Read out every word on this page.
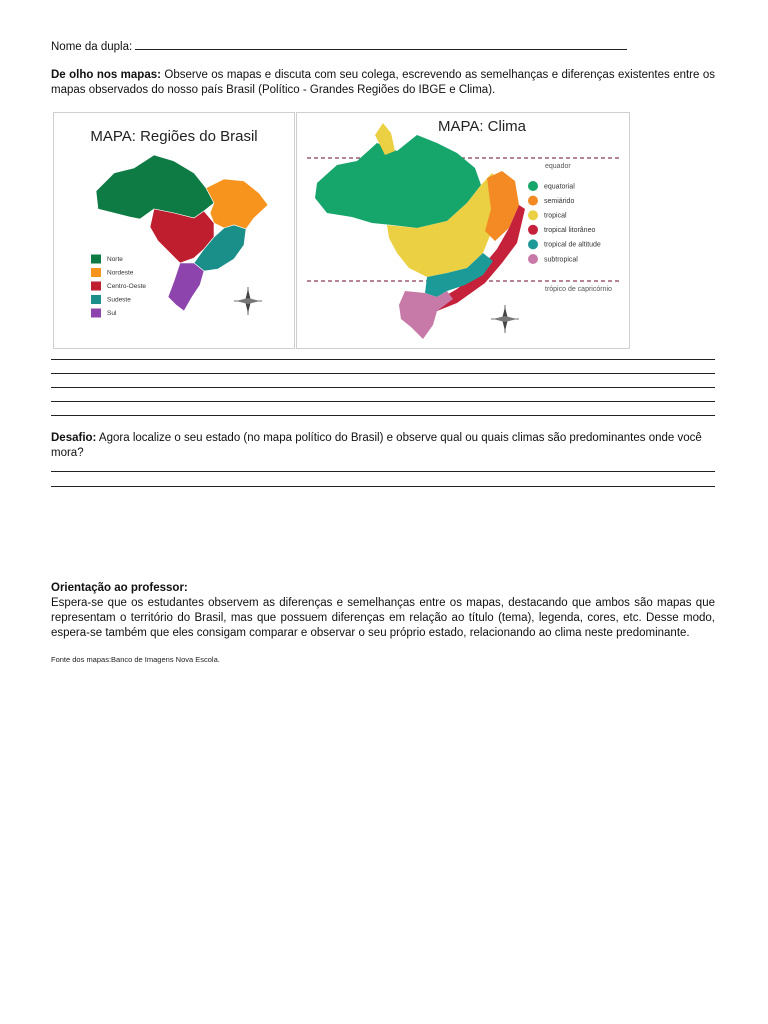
Nome da dupla:
De olho nos mapas: Observe os mapas e discuta com seu colega, escrevendo as semelhanças e diferenças existentes entre os mapas observados do nosso país Brasil (Político - Grandes Regiões do IBGE e Clima).
MAPA: Regiões do Brasil
Norte
Nordeste
Centro-Oeste
Sudeste
Sul
MAPA: Clima
equador
trópico de capricórnio
equatorial
semiárido
tropical
tropical litorâneo
tropical de altitude
subtropical
Desafio: Agora localize o seu estado (no mapa político do Brasil) e observe qual ou quais climas são predominantes onde você mora?
Orientação ao professor:
Espera-se que os estudantes observem as diferenças e semelhanças entre os mapas, destacando que ambos são mapas que representam o território do Brasil, mas que possuem diferenças em relação ao título (tema), legenda, cores, etc. Desse modo, espera-se também que eles consigam comparar e observar o seu próprio estado, relacionando ao clima neste predominante.
Fonte dos mapas:Banco de Imagens Nova Escola.
